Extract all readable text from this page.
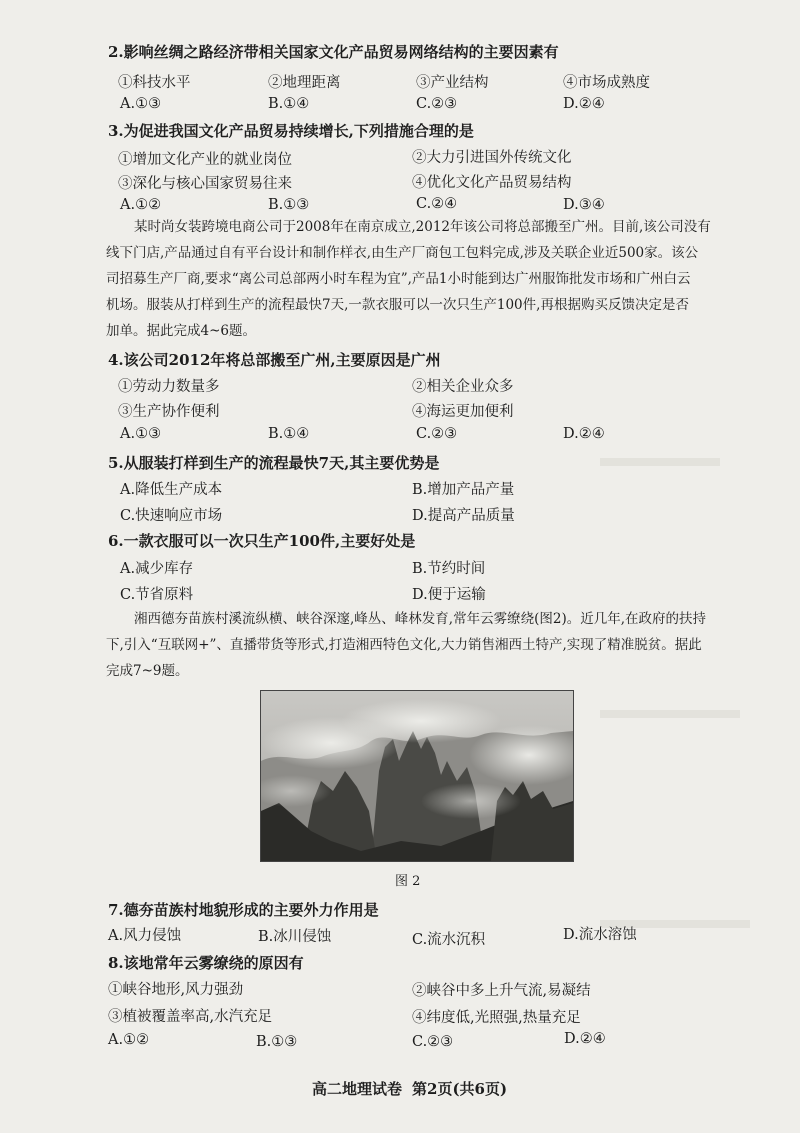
2.影响丝绸之路经济带相关国家文化产品贸易网络结构的主要因素有
①科技水平	②地理距离	③产业结构	④市场成熟度
A.①③	B.①④	C.②③	D.②④
3.为促进我国文化产品贸易持续增长,下列措施合理的是
①增加文化产业的就业岗位	②大力引进国外传统文化
③深化与核心国家贸易往来	④优化文化产品贸易结构
A.①②	B.①③	C.②④	D.③④
某时尚女装跨境电商公司于2008年在南京成立,2012年该公司将总部搬至广州。目前,该公司没有
线下门店,产品通过自有平台设计和制作样衣,由生产厂商包工包料完成,涉及关联企业近500家。该公
司招募生产厂商,要求“离公司总部两小时车程为宜”,产品1小时能到达广州服饰批发市场和广州白云
机场。服装从打样到生产的流程最快7天,一款衣服可以一次只生产100件,再根据购买反馈决定是否
加单。据此完成4~6题。
4.该公司2012年将总部搬至广州,主要原因是广州
①劳动力数量多	②相关企业众多
③生产协作便利	④海运更加便利
A.①③	B.①④	C.②③	D.②④
5.从服装打样到生产的流程最快7天,其主要优势是
A.降低生产成本	B.增加产品产量
C.快速响应市场	D.提高产品质量
6.一款衣服可以一次只生产100件,主要好处是
A.减少库存	B.节约时间
C.节省原料	D.便于运输
湘西德夯苗族村溪流纵横、峡谷深邃,峰丛、峰林发育,常年云雾缭绕(图2)。近几年,在政府的扶持
下,引入“互联网+”、直播带货等形式,打造湘西特色文化,大力销售湘西土特产,实现了精准脱贫。据此
完成7~9题。
图 2
7.德夯苗族村地貌形成的主要外力作用是
A.风力侵蚀	B.冰川侵蚀	C.流水沉积	D.流水溶蚀
8.该地常年云雾缭绕的原因有
①峡谷地形,风力强劲	②峡谷中多上升气流,易凝结
③植被覆盖率高,水汽充足	④纬度低,光照强,热量充足
A.①②	B.①③	C.②③	D.②④
高二地理试卷 第2页(共6页)
